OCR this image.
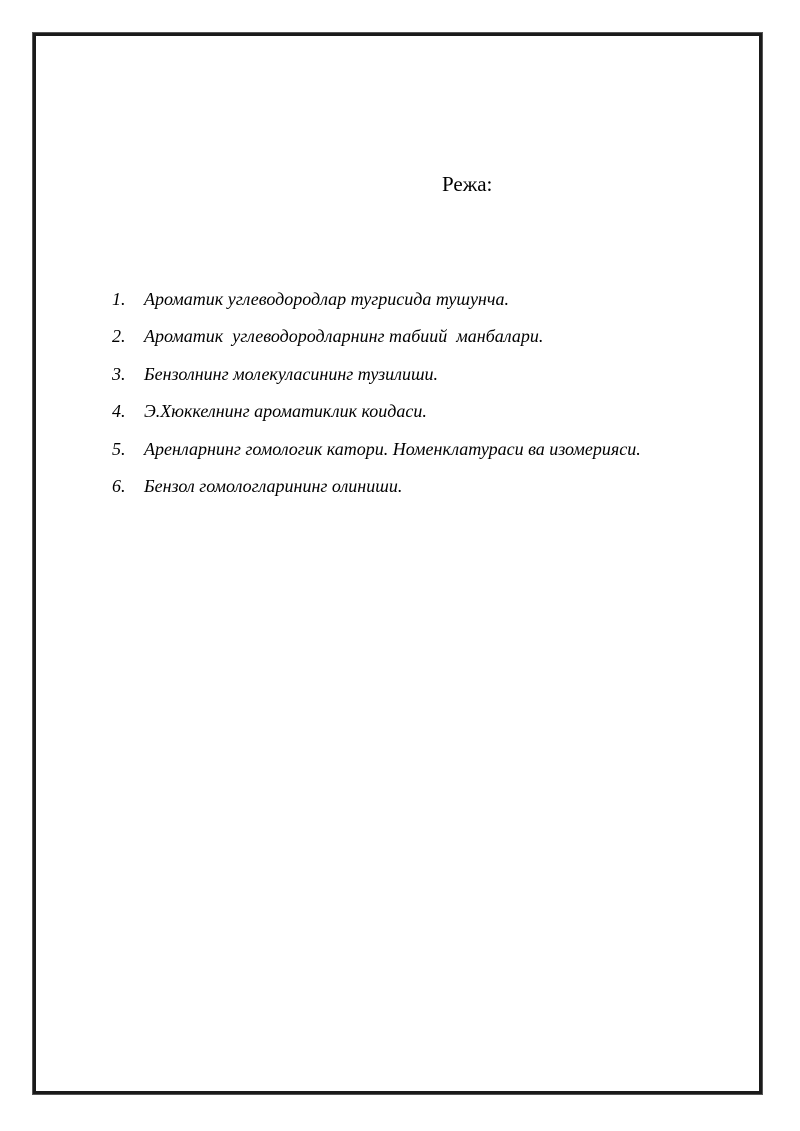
Режа:
1. Ароматик углеводородлар тугрисида тушунча.
2. Ароматик  углеводородларнинг табиий  манбалари.
3. Бензолнинг молекуласининг тузилиши.
4. Э.Хюккелнинг ароматиклик коидаси.
5. Аренларнинг гомологик катори. Номенклатураси ва изомерияси.
6. Бензол гомологларининг олиниши.
